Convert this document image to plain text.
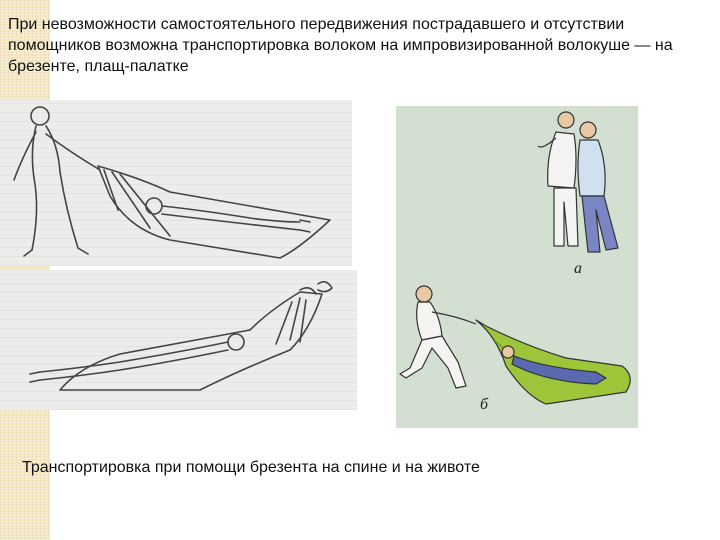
При невозможности самостоятельного передвижения пострадавшего и отсутствии помощников возможна транспортировка волоком на импровизированной волокуше — на брезенте, плащ-палатке

а
б
Транспортировка при помощи брезента на спине и на животе
